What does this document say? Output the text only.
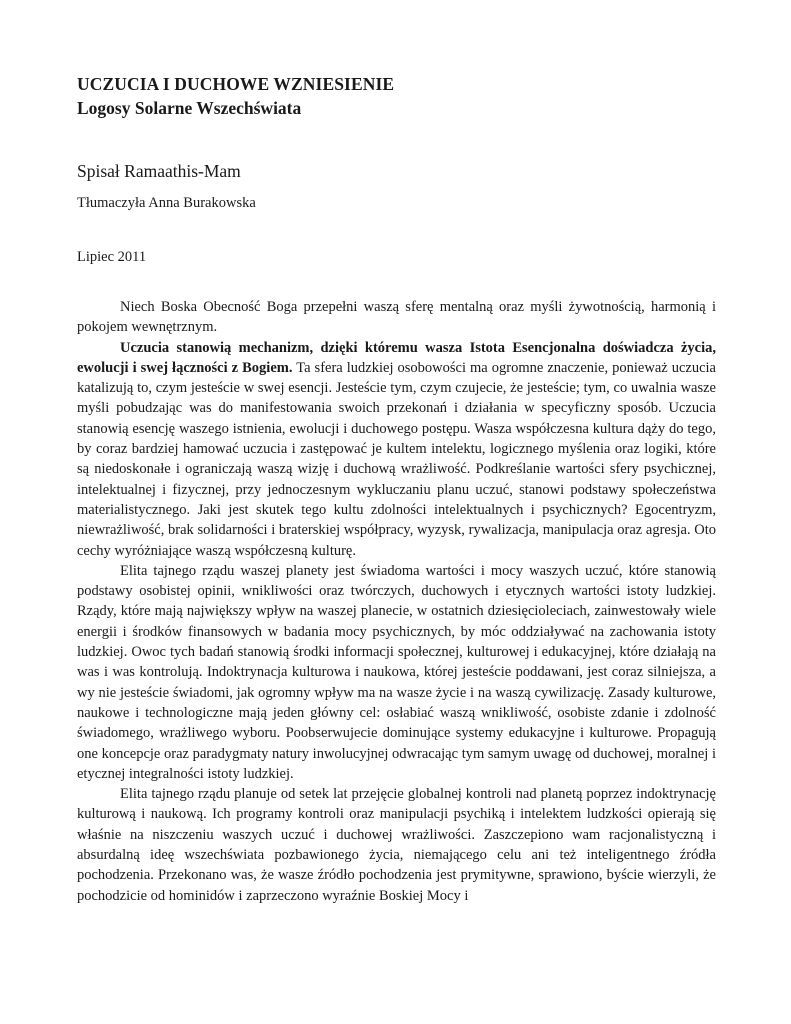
UCZUCIA I DUCHOWE WZNIESIENIE
Logosy Solarne Wszechświata

Spisał Ramaathis-Mam

Tłumaczyła Anna Burakowska

Lipiec 2011

Niech Boska Obecność Boga przepełni waszą sferę mentalną oraz myśli żywotnością, harmonią i pokojem wewnętrznym.

Uczucia stanowią mechanizm, dzięki któremu wasza Istota Esencjonalna doświadcza życia, ewolucji i swej łączności z Bogiem. Ta sfera ludzkiej osobowości ma ogromne znaczenie, ponieważ uczucia katalizują to, czym jesteście w swej esencji. Jesteście tym, czym czujecie, że jesteście; tym, co uwalnia wasze myśli pobudzając was do manifestowania swoich przekonań i działania w specyficzny sposób. Uczucia stanowią esencję waszego istnienia, ewolucji i duchowego postępu. Wasza współczesna kultura dąży do tego, by coraz bardziej hamować uczucia i zastępować je kultem intelektu, logicznego myślenia oraz logiki, które są niedoskonałe i ograniczają waszą wizję i duchową wrażliwość. Podkreślanie wartości sfery psychicznej, intelektualnej i fizycznej, przy jednoczesnym wykluczaniu planu uczuć, stanowi podstawy społeczeństwa materialistycznego. Jaki jest skutek tego kultu zdolności intelektualnych i psychicznych? Egocentryzm, niewrażliwość, brak solidarności i braterskiej współpracy, wyzysk, rywalizacja, manipulacja oraz agresja. Oto cechy wyróżniające waszą współczesną kulturę.

Elita tajnego rządu waszej planety jest świadoma wartości i mocy waszych uczuć, które stanowią podstawy osobistej opinii, wnikliwości oraz twórczych, duchowych i etycznych wartości istoty ludzkiej. Rządy, które mają największy wpływ na waszej planecie, w ostatnich dziesięcioleciach, zainwestowały wiele energii i środków finansowych w badania mocy psychicznych, by móc oddziaływać na zachowania istoty ludzkiej. Owoc tych badań stanowią środki informacji społecznej, kulturowej i edukacyjnej, które działają na was i was kontrolują. Indoktrynacja kulturowa i naukowa, której jesteście poddawani, jest coraz silniejsza, a wy nie jesteście świadomi, jak ogromny wpływ ma na wasze życie i na waszą cywilizację. Zasady kulturowe, naukowe i technologiczne mają jeden główny cel: osłabiać waszą wnikliwość, osobiste zdanie i zdolność świadomego, wrażliwego wyboru. Poobserwujecie dominujące systemy edukacyjne i kulturowe. Propagują one koncepcje oraz paradygmaty natury inwolucyjnej odwracając tym samym uwagę od duchowej, moralnej i etycznej integralności istoty ludzkiej.

Elita tajnego rządu planuje od setek lat przejęcie globalnej kontroli nad planetą poprzez indoktrynację kulturową i naukową. Ich programy kontroli oraz manipulacji psychiką i intelektem ludzkości opierają się właśnie na niszczeniu waszych uczuć i duchowej wrażliwości. Zaszczepiono wam racjonalistyczną i absurdalną ideę wszechświata pozbawionego życia, niemającego celu ani też inteligentnego źródła pochodzenia. Przekonano was, że wasze źródło pochodzenia jest prymitywne, sprawiono, byście wierzyli, że pochodzicie od hominidów i zaprzeczono wyraźnie Boskiej Mocy i
